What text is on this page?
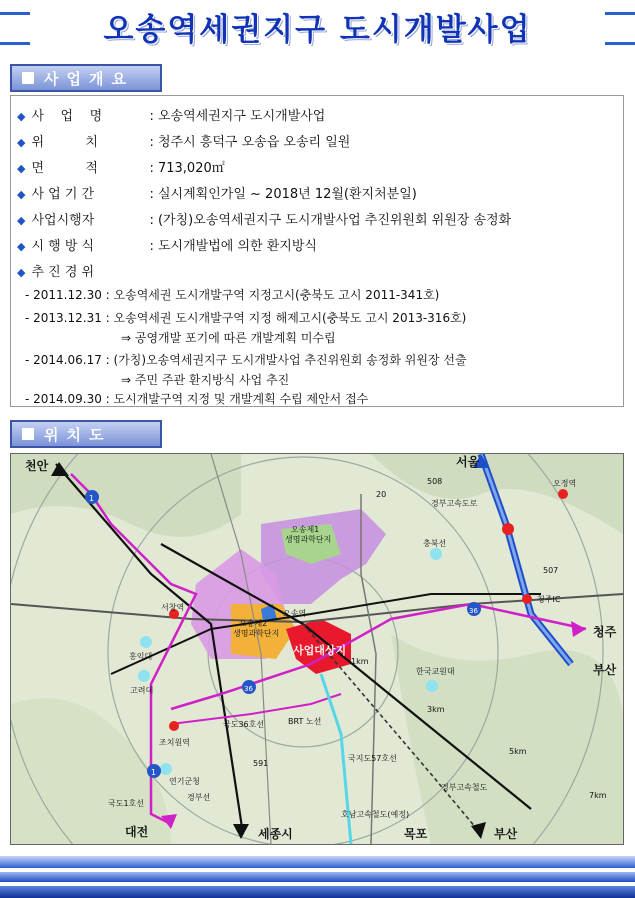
오송역세권지구 도시개발사업
사업개요
◆ 사    업    명	: 오송역세권지구 도시개발사업
◆ 위          치	: 청주시 흥덕구 오송읍 오송리 일원
◆ 면          적	: 713,020㎡
◆ 사 업 기 간	: 실시계획인가일 ~ 2018년 12월(환지처분일)
◆ 사업시행자	: (가칭)오송역세권지구 도시개발사업 추진위원회 위원장 송정화
◆ 시 행 방 식	: 도시개발법에 의한 환지방식
◆ 추 진 경 위
- 2011.12.30 : 오송역세권 도시개발구역 지정고시(충북도 고시 2011-341호)
- 2013.12.31 : 오송역세권 도시개발구역 지정 해제고시(충북도 고시 2013-316호)
⇒ 공영개발 포기에 따른 개발계획 미수립
- 2014.06.17 : (가칭)오송역세권지구 도시개발사업 추진위원회 송정화 위원장 선출
⇒ 주민 주관 환지방식 사업 추진
- 2014.09.30 : 도시개발구역 지정 및 개발계획 수립 제안서 접수
위치도
천안	서울
청주
부산
대전	세종시	목포	부산
오송제1
생명과학단지
오송제2
생명과학단지
오송역
사업대상지
서창역
조치원역
홍익대
고려대
연기군청
한국교원대
충북선
오정역
청주IC
경부고속도로
경부선
경부고속철도
호남고속철도(예정)
국도36호선
국지도57호선
국도1호선
BRT 노선
1
1
20
36
36
507
508
591
1km
3km
5km
7km
